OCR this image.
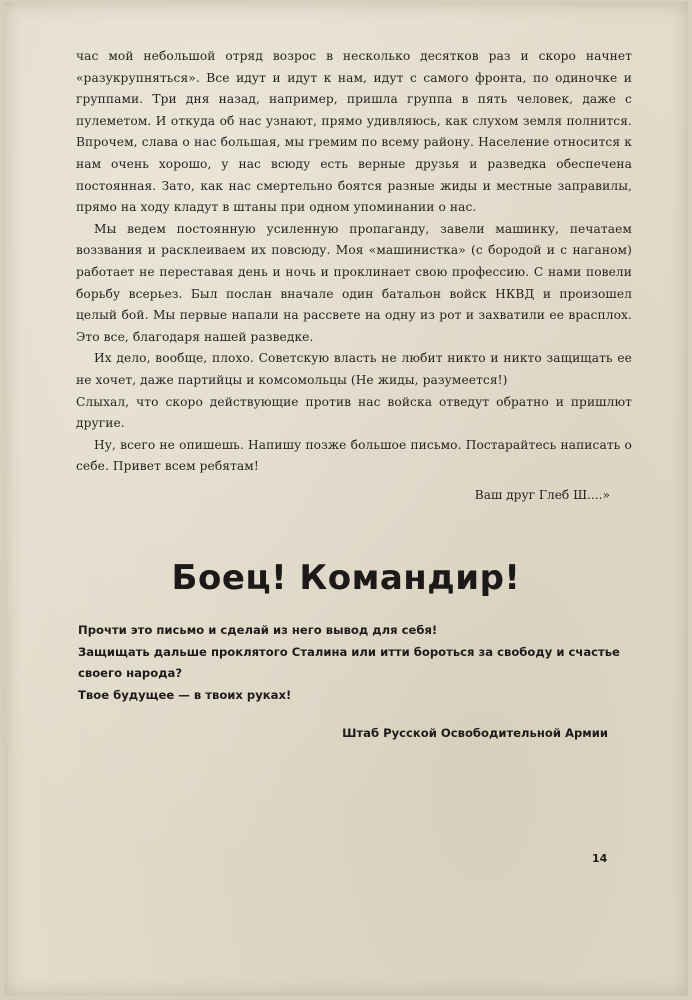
час мой небольшой отряд возрос в несколько десятков раз и скоро начнет «разукрупняться». Все идут и идут к нам, идут с самого фронта, по одиночке и группами. Три дня назад, например, пришла группа в пять человек, даже с пулеметом. И откуда об нас узнают, прямо удивляюсь, как слухом земля полнится. Впрочем, слава о нас большая, мы гремим по всему району. Население относится к нам очень хорошо, у нас всюду есть верные друзья и разведка обеспечена постоянная. Зато, как нас смертельно боятся разные жиды и местные заправилы, прямо на ходу кладут в штаны при одном упоминании о нас.

Мы ведем постоянную усиленную пропаганду, завели машинку, печатаем воззвания и расклеиваем их повсюду. Моя «машинистка» (с бородой и с наганом) работает не переставая день и ночь и проклинает свою профессию. С нами повели борьбу всерьез. Был послан вначале один батальон войск НКВД и произошел целый бой. Мы первые напали на рассвете на одну из рот и захватили ее врасплох. Это все, благодаря нашей разведке.

Их дело, вообще, плохо. Советскую власть не любит никто и никто защищать ее не хочет, даже партийцы и комсомольцы (Не жиды, разумеется!)

Слыхал, что скоро действующие против нас войска отведут обратно и пришлют другие.

Ну, всего не опишешь. Напишу позже большое письмо. Постарайтесь написать о себе. Привет всем ребятам!

Ваш друг Глеб Ш....»
Боец! Командир!

Прочти это письмо и сделай из него вывод для себя!

Защищать дальше проклятого Сталина или итти бороться за свободу и счастье своего народа?

Твое будущее — в твоих руках!

Штаб Русской Освободительной Армии
14
